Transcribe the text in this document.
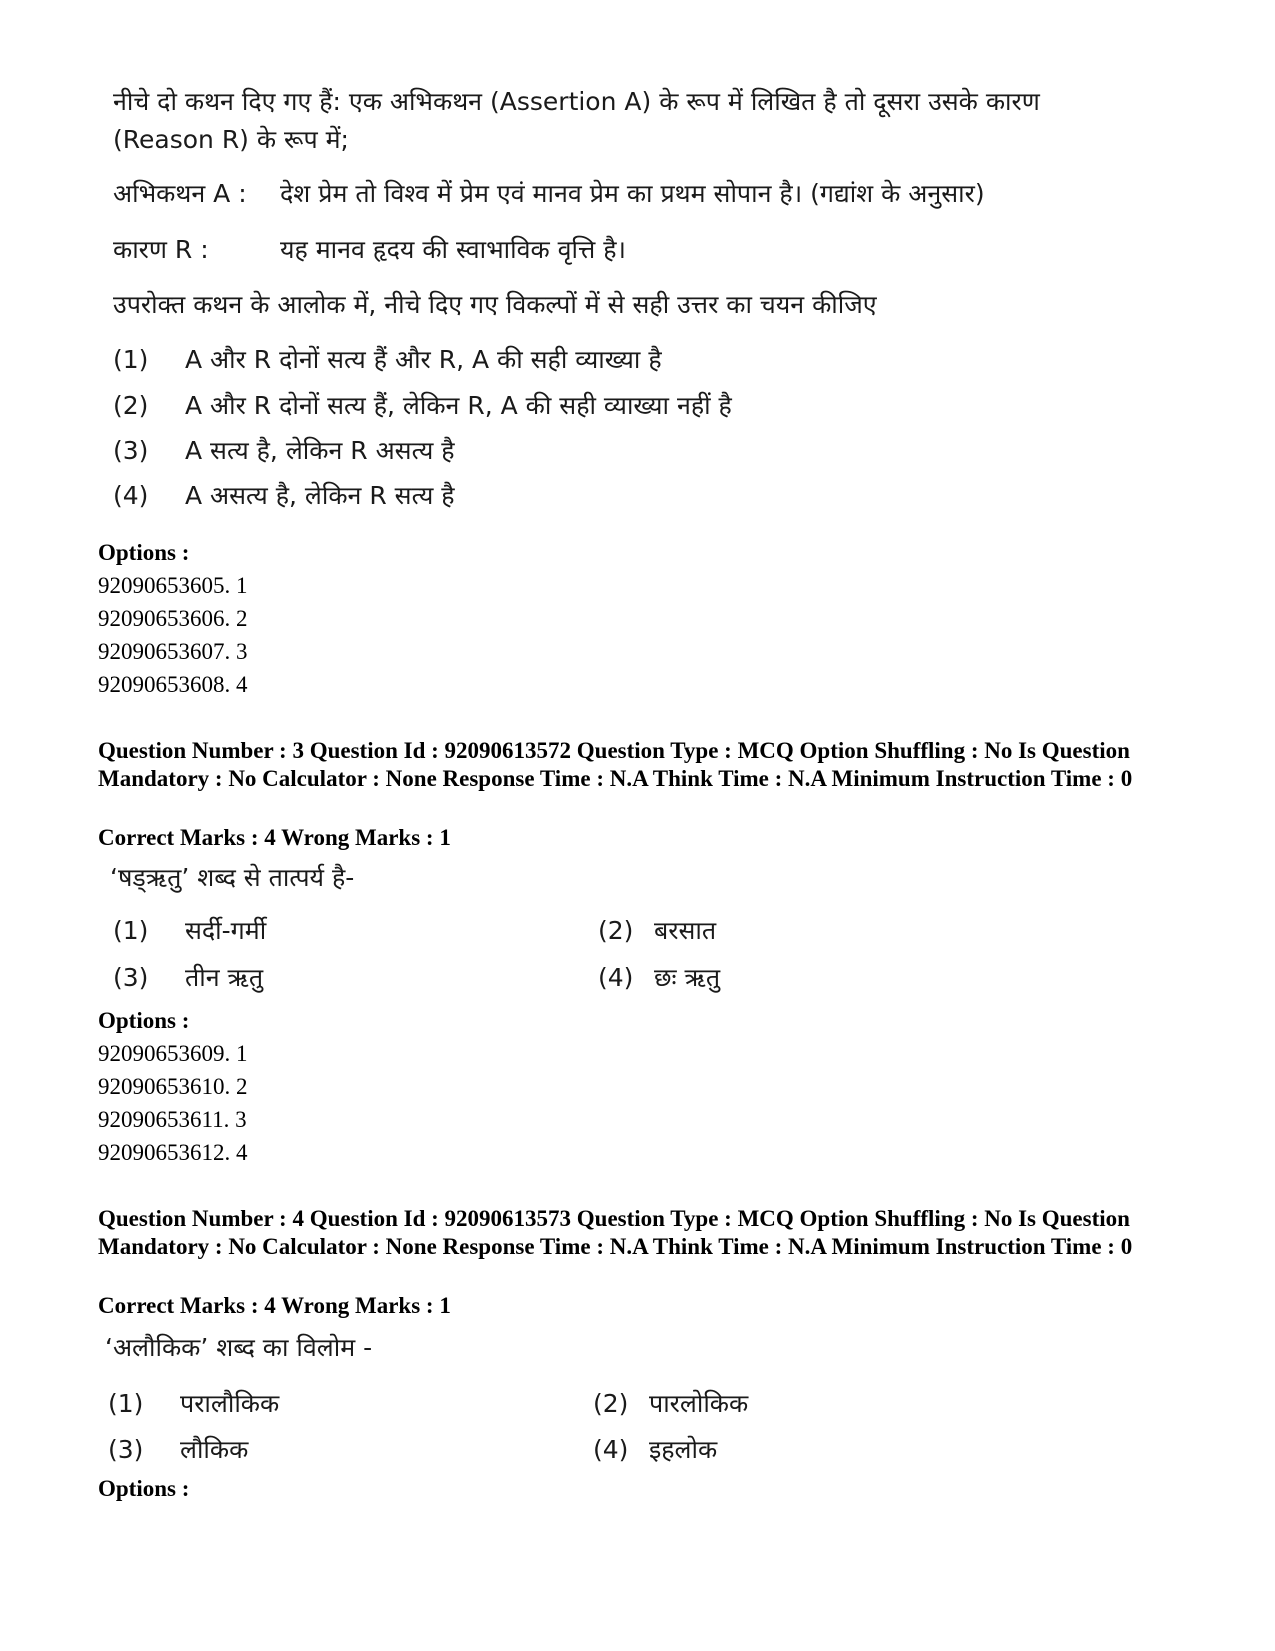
नीचे दो कथन दिए गए हैं: एक अभिकथन (Assertion A) के रूप में लिखित है तो दूसरा उसके कारण
(Reason R) के रूप में;
अभिकथन A : देश प्रेम तो विश्व में प्रेम एवं मानव प्रेम का प्रथम सोपान है। (गद्यांश के अनुसार)
कारण R :	यह मानव हृदय की स्वाभाविक वृत्ति है।
उपरोक्त कथन के आलोक में, नीचे दिए गए विकल्पों में से सही उत्तर का चयन कीजिए
(1) A और R दोनों सत्य हैं और R, A की सही व्याख्या है
(2) A और R दोनों सत्य हैं, लेकिन R, A की सही व्याख्या नहीं है
(3) A सत्य है, लेकिन R असत्य है
(4) A असत्य है, लेकिन R सत्य है
Options :
92090653605. 1
92090653606. 2
92090653607. 3
92090653608. 4
Question Number : 3 Question Id : 92090613572 Question Type : MCQ Option Shuffling : No Is Question Mandatory : No Calculator : None Response Time : N.A Think Time : N.A Minimum Instruction Time : 0
Correct Marks : 4 Wrong Marks : 1
‘षड्ऋतु’ शब्द से तात्पर्य है-
(1) सर्दी-गर्मी	(2) बरसात
(3) तीन ऋतु	(4) छः ऋतु
Options :
92090653609. 1
92090653610. 2
92090653611. 3
92090653612. 4
Question Number : 4 Question Id : 92090613573 Question Type : MCQ Option Shuffling : No Is Question Mandatory : No Calculator : None Response Time : N.A Think Time : N.A Minimum Instruction Time : 0
Correct Marks : 4 Wrong Marks : 1
‘अलौकिक’ शब्द का विलोम -
(1) परालौकिक	(2) पारलोकिक
(3) लौकिक	(4) इहलोक
Options :
